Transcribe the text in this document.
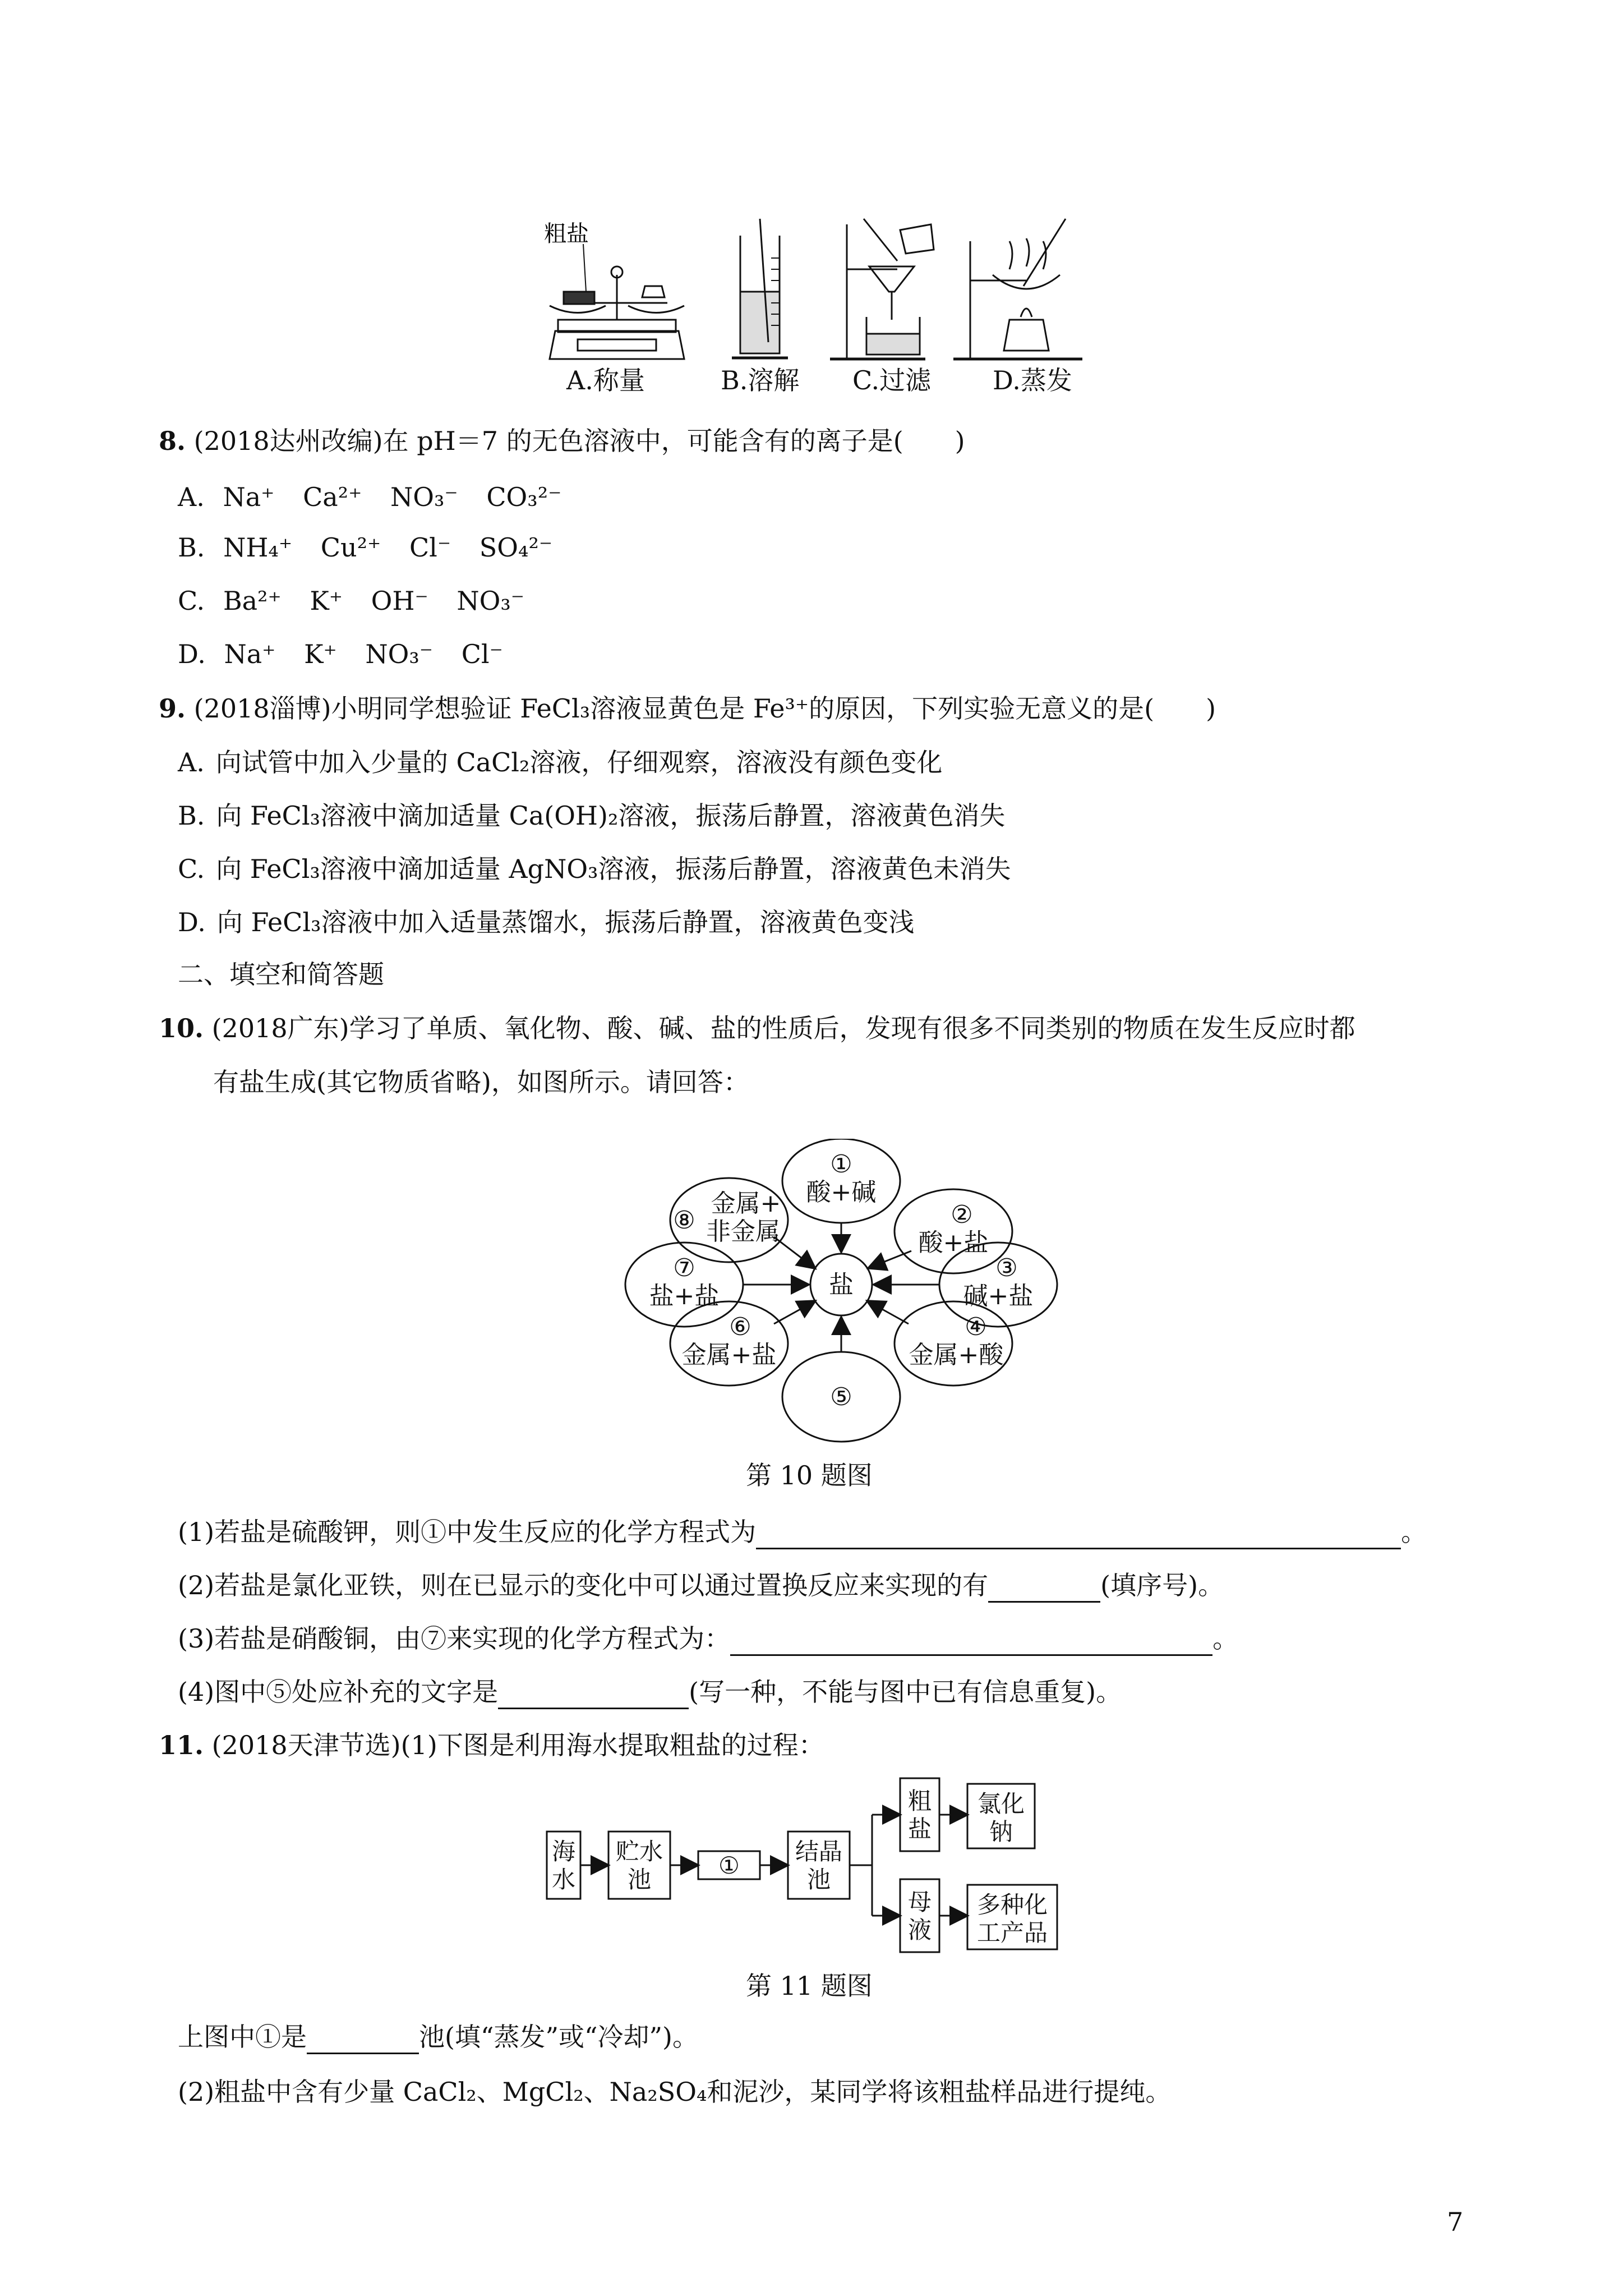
粗盐
A.称量	B.溶解 C.过滤 D.蒸发
8. (2018达州改编)在 pH＝7 的无色溶液中，可能含有的离子是(　　)
A. Na⁺ Ca²⁺ NO₃⁻ CO₃²⁻
B. NH₄⁺ Cu²⁺ Cl⁻ SO₄²⁻
C. Ba²⁺ K⁺ OH⁻ NO₃⁻
D. Na⁺ K⁺ NO₃⁻ Cl⁻
9. (2018淄博)小明同学想验证 FeCl₃溶液显黄色是 Fe³⁺的原因，下列实验无意义的是(　　)
A. 向试管中加入少量的 CaCl₂溶液，仔细观察，溶液没有颜色变化
B. 向 FeCl₃溶液中滴加适量 Ca(OH)₂溶液，振荡后静置，溶液黄色消失
C. 向 FeCl₃溶液中滴加适量 AgNO₃溶液，振荡后静置，溶液黄色未消失
D. 向 FeCl₃溶液中加入适量蒸馏水，振荡后静置，溶液黄色变浅
二、填空和简答题
10. (2018广东)学习了单质、氧化物、酸、碱、盐的性质后，发现有很多不同类别的物质在发生反应时都
有盐生成(其它物质省略)，如图所示。请回答：
盐
①
酸+碱
②
酸+盐
③
碱+盐
④
金属+酸
⑤
⑥
金属+盐
⑦
盐+盐
⑧
金属+
非金属
第 10 题图
(1)若盐是硫酸钾，则①中发生反应的化学方程式为	。
(2)若盐是氯化亚铁，则在已显示的变化中可以通过置换反应来实现的有	(填序号)。
(3)若盐是硝酸铜，由⑦来实现的化学方程式为：	。
(4)图中⑤处应补充的文字是	(写一种，不能与图中已有信息重复)。
11. (2018天津节选)(1)下图是利用海水提取粗盐的过程：
海
水
贮水
池
①
结晶
池
粗
盐
氯化
钠
母
液
多种化
工产品
第 11 题图
上图中①是	池(填“蒸发”或“冷却”)。
(2)粗盐中含有少量 CaCl₂、MgCl₂、Na₂SO₄和泥沙，某同学将该粗盐样品进行提纯。
7
